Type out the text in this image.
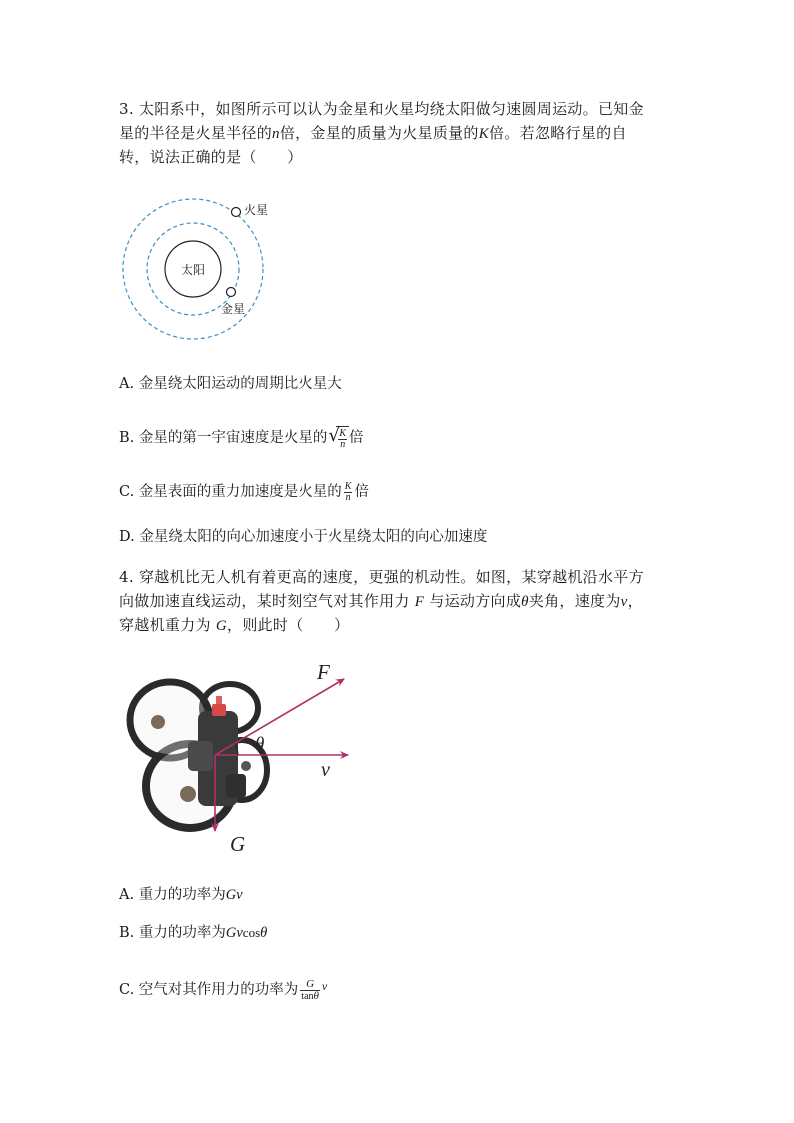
3. 太阳系中，如图所示可以认为金星和火星均绕太阳做匀速圆周运动。已知金
星的半径是火星半径的n倍，金星的质量为火星质量的K倍。若忽略行星的自
转，说法正确的是（　　）
太阳
火星
金星
A. 金星绕太阳运动的周期比火星大
B. 金星的第一宇宙速度是火星的 √
$\frac{K}{n}$ 倍
C. 金星表面的重力加速度是火星的 $\frac{K}{n}$ 倍
D. 金星绕太阳的向心加速度小于火星绕太阳的向心加速度
4. 穿越机比无人机有着更高的速度，更强的机动性。如图，某穿越机沿水平方
向做加速直线运动，某时刻空气对其作用力 F 与运动方向成θ夹角，速度为v，
穿越机重力为 G，则此时（　　）
F
θ
v
G
A. 重力的功率为Gv
B. 重力的功率为Gvcosθ
C. 空气对其作用力的功率为 $\frac{G}{\tan\theta} ^v$
